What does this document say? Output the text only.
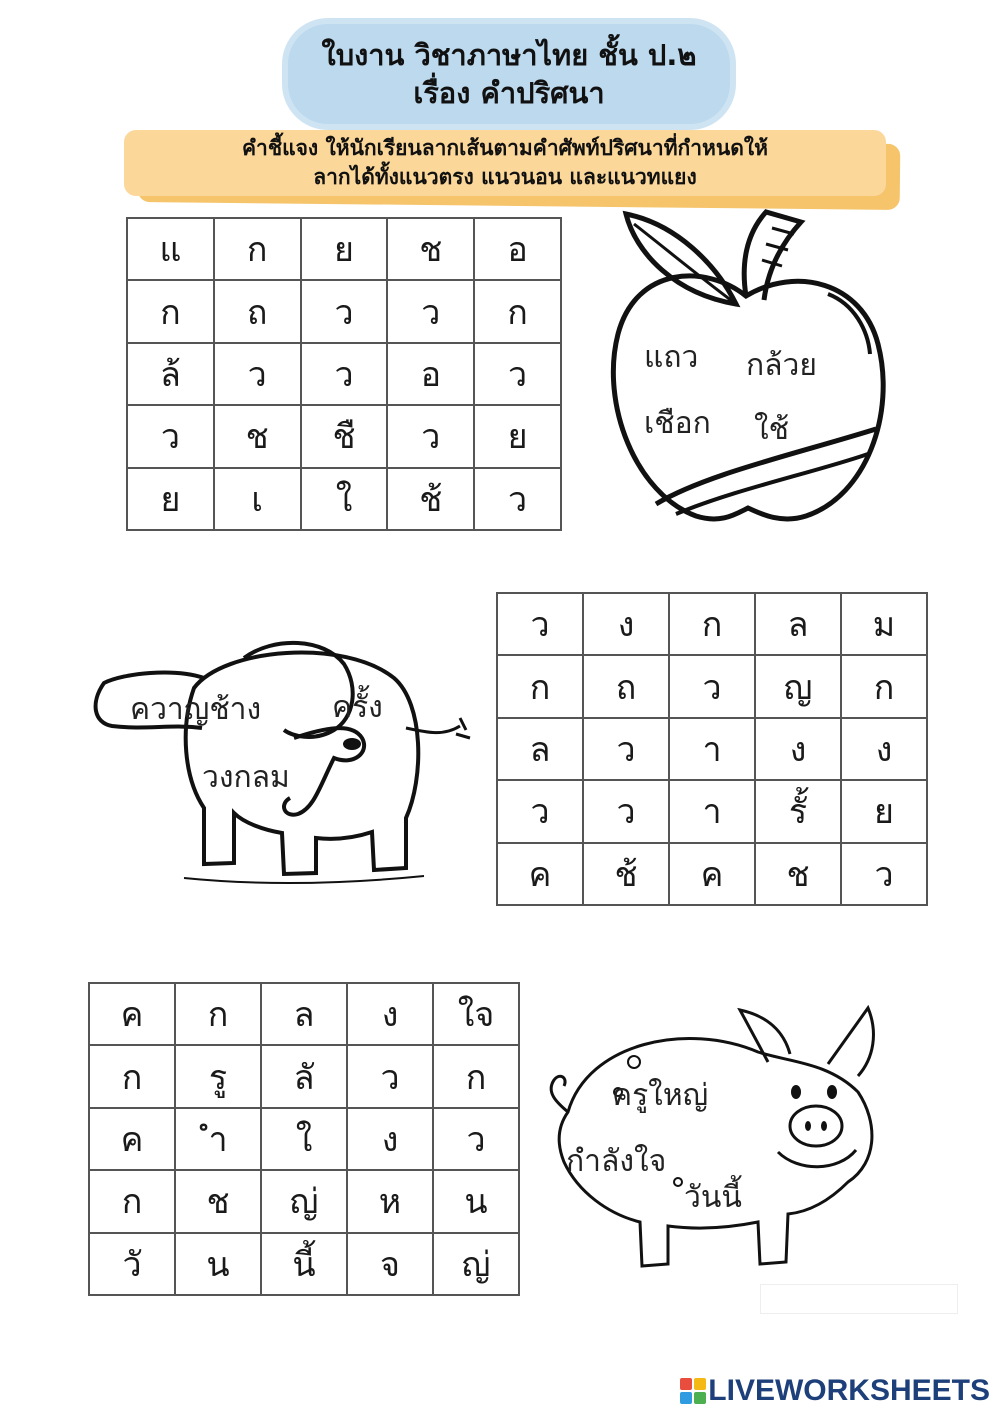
ใบงาน วิชาภาษาไทย ชั้น ป.๒
เรื่อง คำปริศนา
คำชี้แจง ให้นักเรียนลากเส้นตามคำศัพท์ปริศนาที่กำหนดให้
ลากได้ทั้งแนวตรง แนวนอน และแนวทแยง
แ	ก	ย	ช	อ
ก	ถ	ว	ว	ก
ล้	ว	ว	อ	ว
ว	ช	ชื	ว	ย
ย	เ	ใ	ช้	ว
แถว กล้วย
เชือก ใช้
ควาญช้าง ครั้ง
วงกลม
ว	ง	ก	ล	ม
ก	ถ	ว	ญ	ก
ล	ว	า	ง	ง
ว	ว	า	รั้	ย
ค	ช้	ค	ช	ว
ค	ก	ล	ง	ใจ
ก	รู	ลั	ว	ก
ค	ำ	ใ	ง	ว
ก	ช	ญ่	ห	น
วั	น	นี้	จ	ญ่
ครูใหญ่
กำลังใจ
วันนี้
LIVEWORKSHEETS
